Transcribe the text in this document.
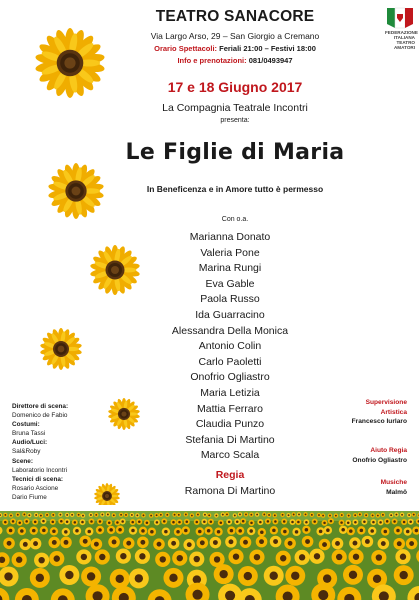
TEATRO SANACORE
Via Largo Arso, 29 – San Giorgio a Cremano
Orario Spettacoli: Feriali 21:00 – Festivi 18:00
Info e prenotazioni: 081/0493947
FEDERAZIONE
ITALIANA
TEATRO
AMATORI
17 e 18 Giugno 2017
La Compagnia Teatrale Incontri
presenta:
Le Figlie di Maria
In Beneficenza e in Amore tutto è permesso
Con o.a.
Marianna Donato
Valeria Pone
Marina Rungi
Eva Gable
Paola Russo
Ida Guarracino
Alessandra Della Monica
Antonio Colin
Carlo Paoletti
Onofrio Ogliastro
Maria Letizia
Mattia Ferraro
Claudia Punzo
Stefania Di Martino
Marco Scala
Regia
Ramona Di Martino
Direttore di scena:
Domenico de Fabio
Costumi:
Bruna Tassi
Audio/Luci:
Sal&Roby
Scene:
Laboratorio Incontri
Tecnici di scena:
Rosario Ascione
Dario Fiume
Supervisione
Artistica
Francesco Iurlaro
Aiuto Regia
Onofrio Ogliastro
Musiche
Malmö
